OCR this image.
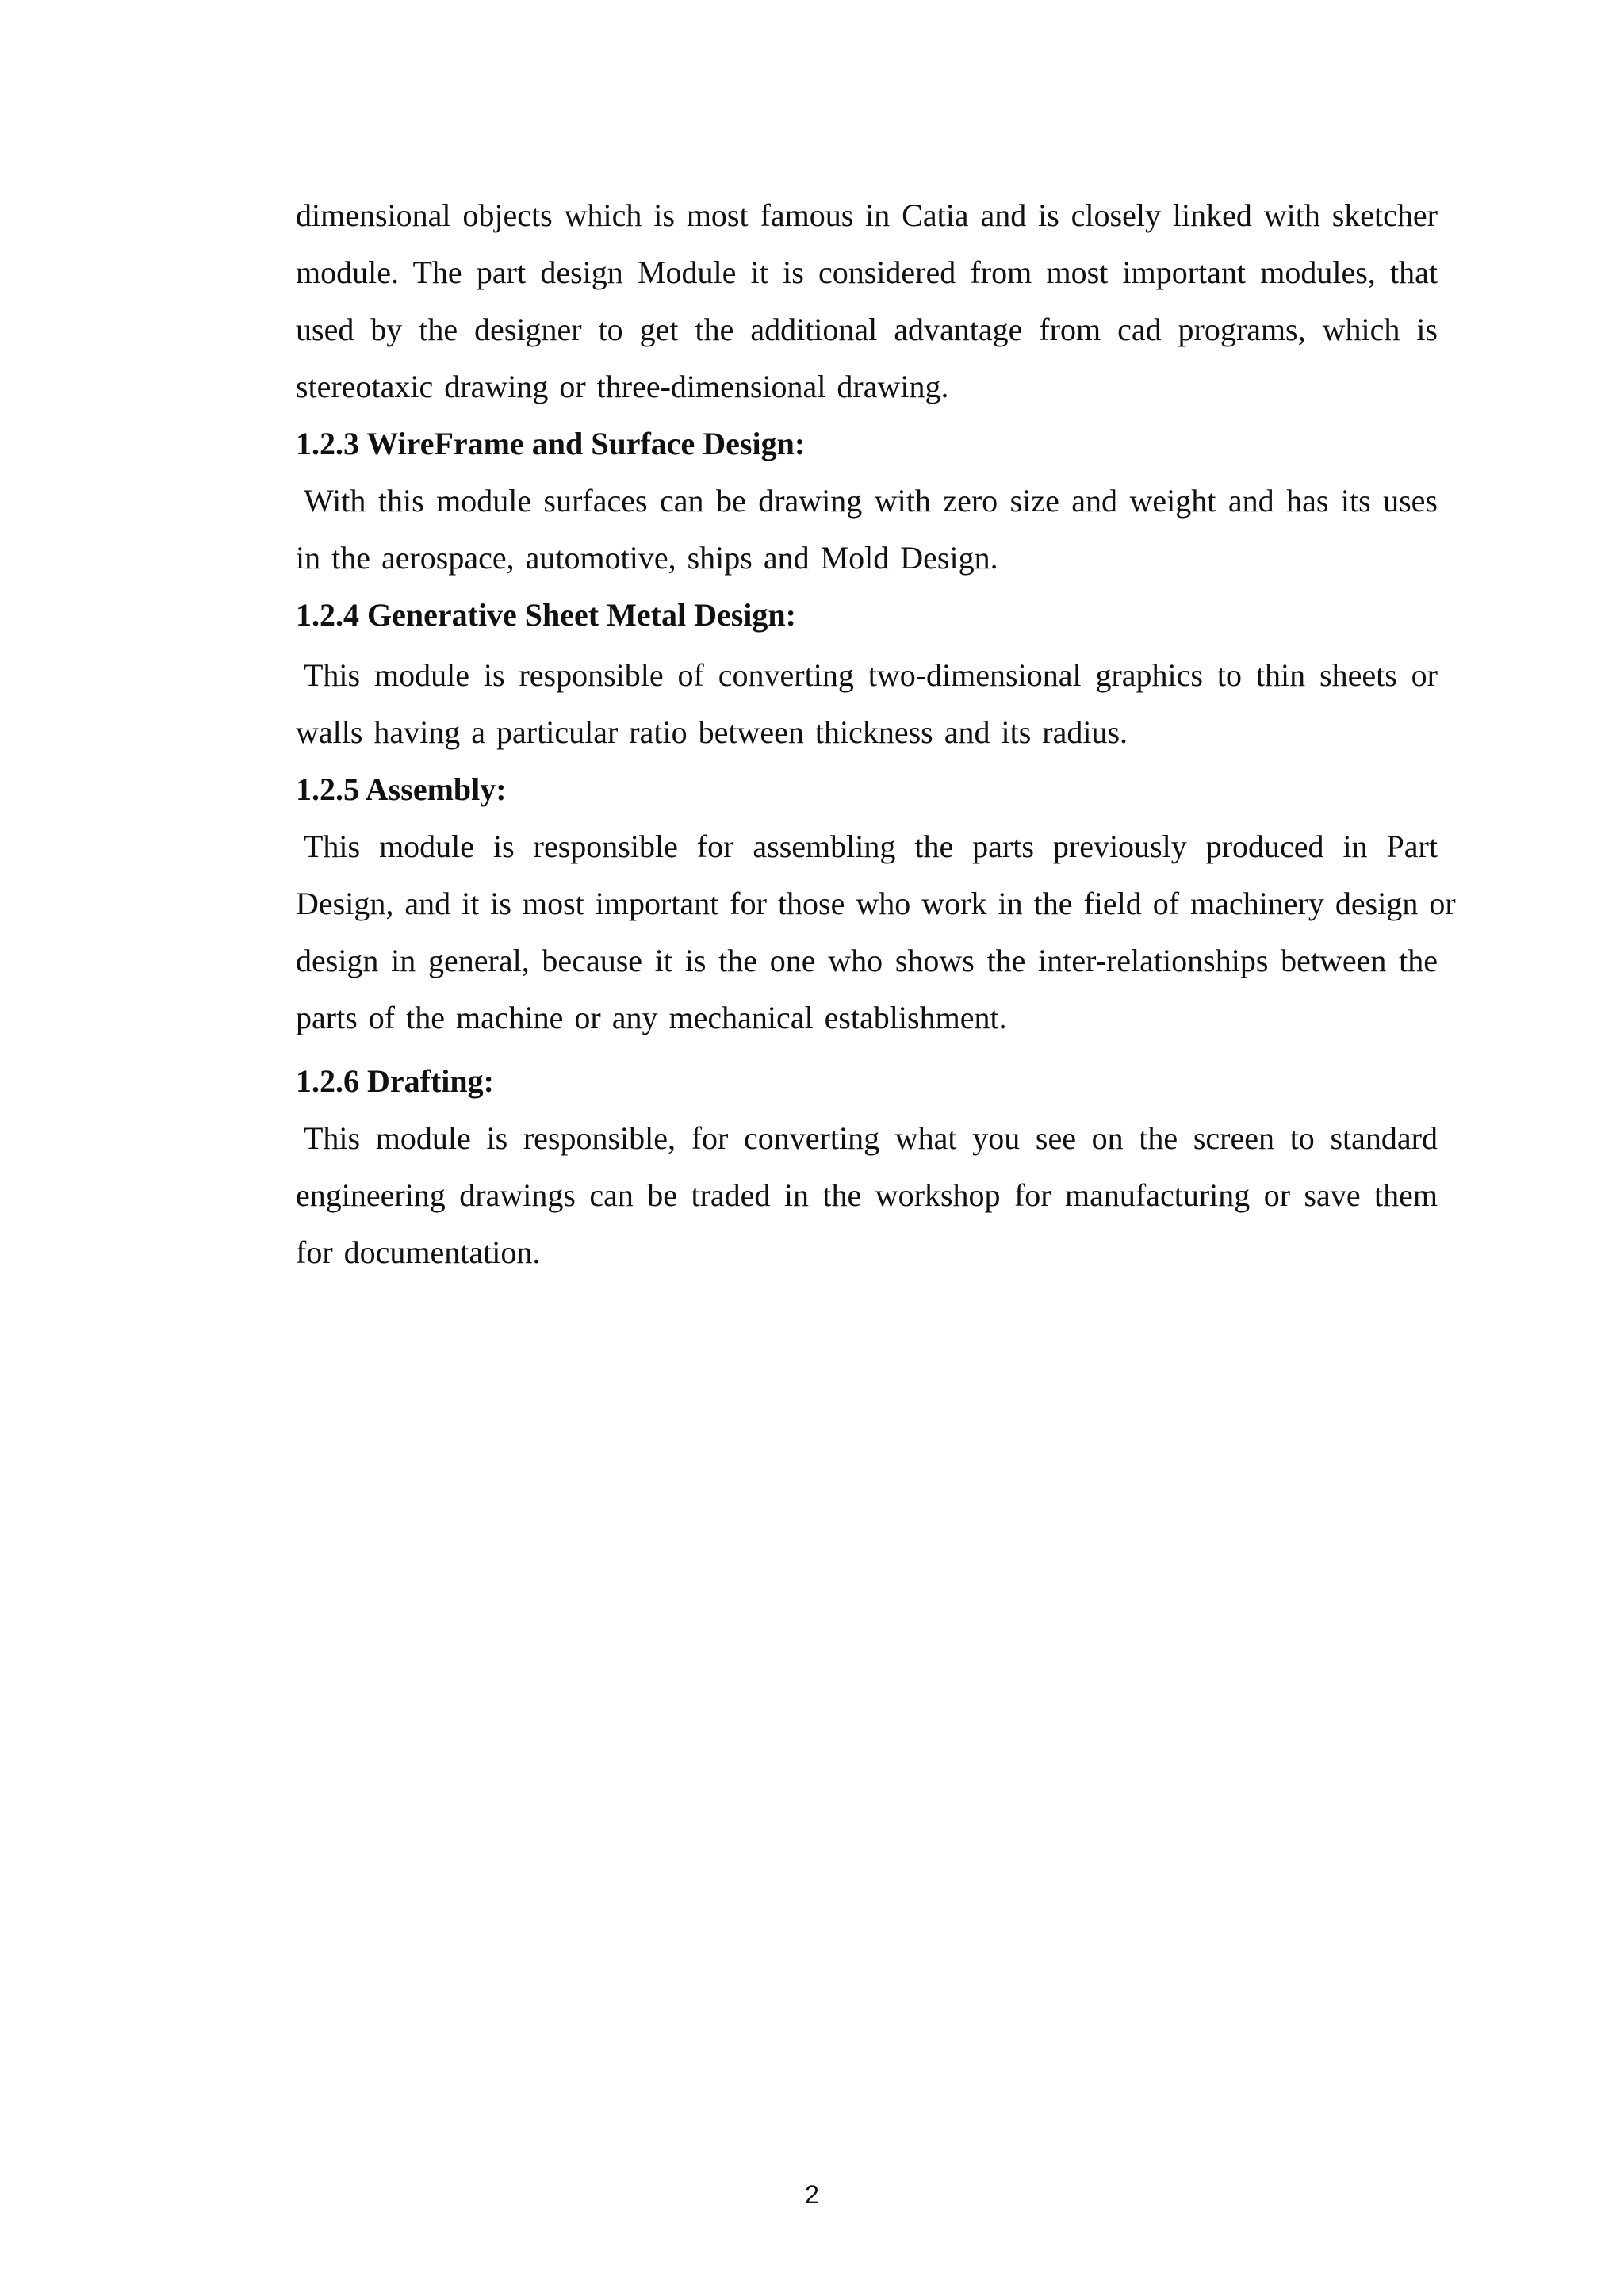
dimensional objects which is most famous in Catia and is closely linked with sketcher
module. The part design Module it is considered from most important modules, that
used by the designer to get the additional advantage from cad programs, which is
stereotaxic drawing or three-dimensional drawing.
1.2.3 WireFrame and Surface Design:
With this module surfaces can be drawing with zero size and weight and has its uses
in the aerospace, automotive, ships and Mold Design.
1.2.4 Generative Sheet Metal Design:
This module is responsible of converting two-dimensional graphics to thin sheets or
walls having a particular ratio between thickness and its radius.
1.2.5 Assembly:
This module is responsible for assembling the parts previously produced in Part
Design, and it is most important for those who work in the field of machinery design or
design in general, because it is the one who shows the inter-relationships between the
parts of the machine or any mechanical establishment.
1.2.6 Drafting:
This module is responsible, for converting what you see on the screen to standard
engineering drawings can be traded in the workshop for manufacturing or save them
for documentation.
2
